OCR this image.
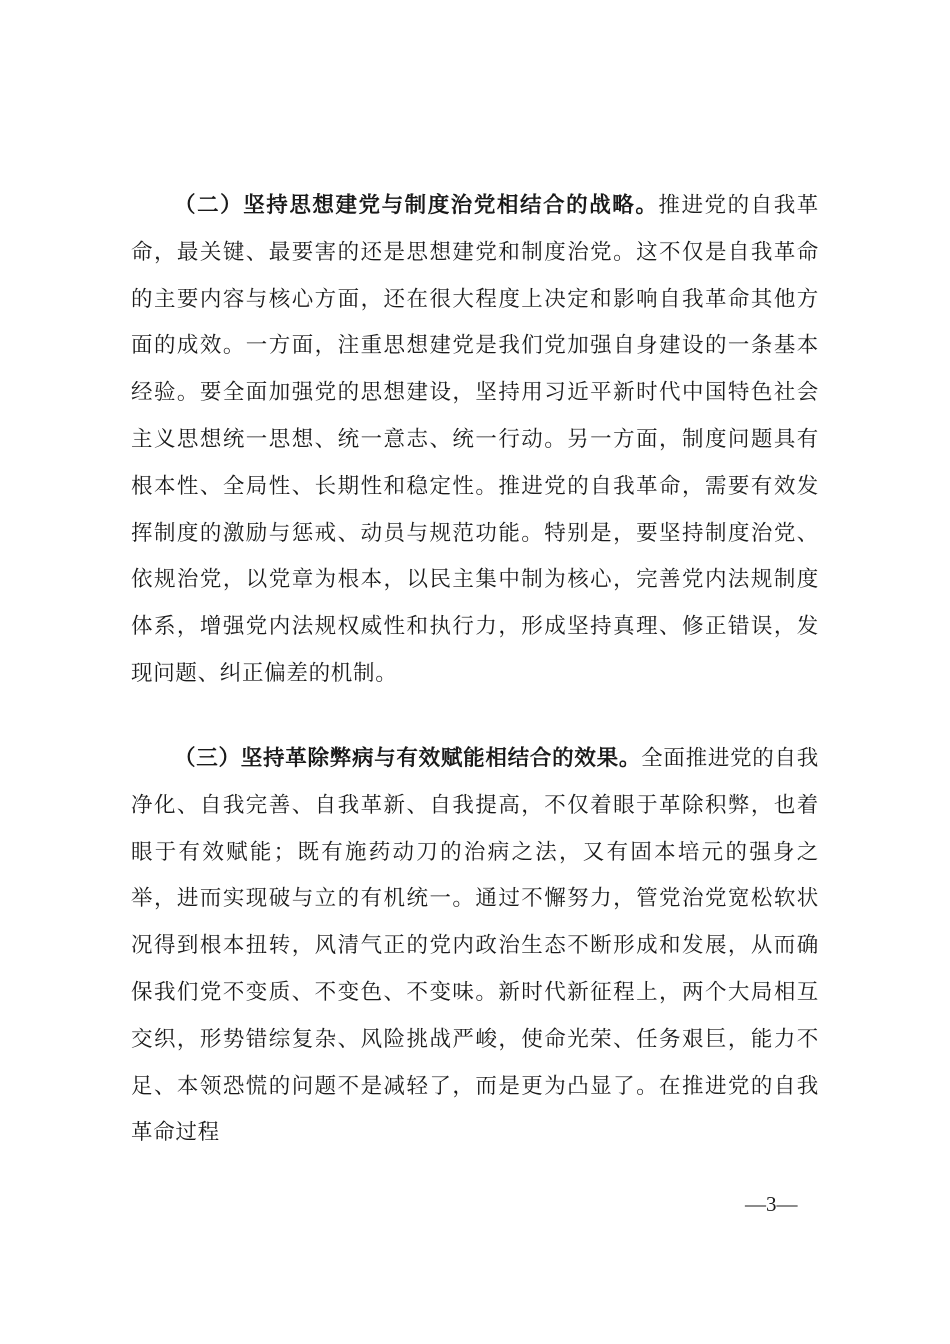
（二）坚持思想建党与制度治党相结合的战略。推进党的自我革命，最关键、最要害的还是思想建党和制度治党。这不仅是自我革命的主要内容与核心方面，还在很大程度上决定和影响自我革命其他方面的成效。一方面，注重思想建党是我们党加强自身建设的一条基本经验。要全面加强党的思想建设，坚持用习近平新时代中国特色社会主义思想统一思想、统一意志、统一行动。另一方面，制度问题具有根本性、全局性、长期性和稳定性。推进党的自我革命，需要有效发挥制度的激励与惩戒、动员与规范功能。特别是，要坚持制度治党、依规治党，以党章为根本，以民主集中制为核心，完善党内法规制度体系，增强党内法规权威性和执行力，形成坚持真理、修正错误，发现问题、纠正偏差的机制。

（三）坚持革除弊病与有效赋能相结合的效果。全面推进党的自我净化、自我完善、自我革新、自我提高，不仅着眼于革除积弊，也着眼于有效赋能；既有施药动刀的治病之法，又有固本培元的强身之举，进而实现破与立的有机统一。通过不懈努力，管党治党宽松软状况得到根本扭转，风清气正的党内政治生态不断形成和发展，从而确保我们党不变质、不变色、不变味。新时代新征程上，两个大局相互交织，形势错综复杂、风险挑战严峻，使命光荣、任务艰巨，能力不足、本领恐慌的问题不是减轻了，而是更为凸显了。在推进党的自我革命过程

—3—
